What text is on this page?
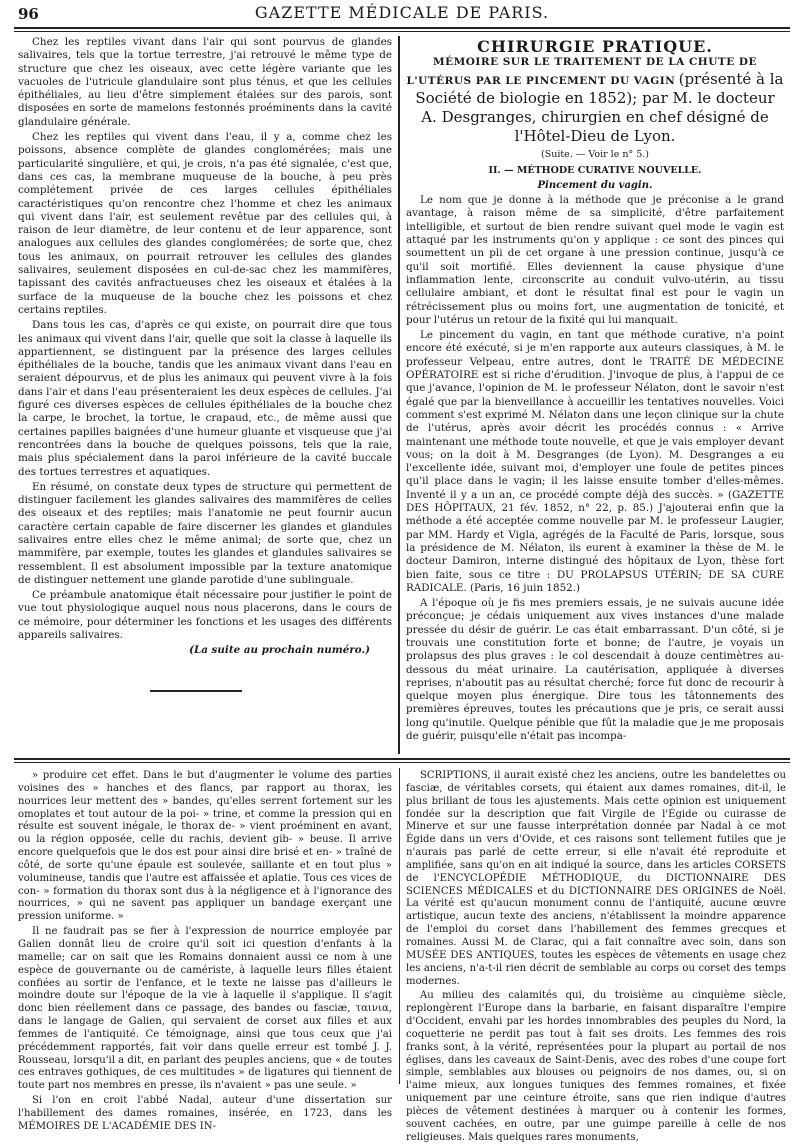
96	GAZETTE MÉDICALE DE PARIS.

Chez les reptiles vivant dans l'air qui sont pourvus de glandes salivaires, tels que la tortue terrestre, j'ai retrouvé le même type de structure que chez les oiseaux, avec cette légère variante que les vacuoles de l'utricule glandulaire sont plus ténus, et que les cellules épithéliales, au lieu d'être simplement étalées sur des parois, sont disposées en sorte de mamelons festonnés proéminents dans la cavité glandulaire générale.

Chez les reptiles qui vivent dans l'eau, il y a, comme chez les poissons, absence complète de glandes conglomérées; mais une particularité singulière, et qui, je crois, n'a pas été signalée, c'est que, dans ces cas, la membrane muqueuse de la bouche, à peu près complétement privée de ces larges cellules épithéliales caractéristiques qu'on rencontre chez l'homme et chez les animaux qui vivent dans l'air, est seulement revêtue par des cellules qui, à raison de leur diamètre, de leur contenu et de leur apparence, sont analogues aux cellules des glandes conglomérées; de sorte que, chez tous les animaux, on pourrait retrouver les cellules des glandes salivaires, seulement disposées en cul-de-sac chez les mammifères, tapissant des cavités anfractueuses chez les oiseaux et étalées à la surface de la muqueuse de la bouche chez les poissons et chez certains reptiles.

Dans tous les cas, d'après ce qui existe, on pourrait dire que tous les animaux qui vivent dans l'air, quelle que soit la classe à laquelle ils appartiennent, se distinguent par la présence des larges cellules épithéliales de la bouche, tandis que les animaux vivant dans l'eau en seraient dépourvus, et de plus les animaux qui peuvent vivre à la fois dans l'air et dans l'eau présenteraient les deux espèces de cellules. J'ai figuré ces diverses espèces de cellules épithéliales de la bouche chez la carpe, le brochet, la tortue, le crapaud, etc., de même aussi que certaines papilles baignées d'une humeur gluante et visqueuse que j'ai rencontrées dans la bouche de quelques poissons, tels que la raie, mais plus spécialement dans la paroi inférieure de la cavité buccale des tortues terrestres et aquatiques.

En résumé, on constate deux types de structure qui permettent de distinguer facilement les glandes salivaires des mammifères de celles des oiseaux et des reptiles; mais l'anatomie ne peut fournir aucun caractère certain capable de faire discerner les glandes et glandules salivaires entre elles chez le même animal; de sorte que, chez un mammifère, par exemple, toutes les glandes et glandules salivaires se ressemblent. Il est absolument impossible par la texture anatomique de distinguer nettement une glande parotide d'une sublinguale.

Ce préambule anatomique était nécessaire pour justifier le point de vue tout physiologique auquel nous nous placerons, dans le cours de ce mémoire, pour déterminer les fonctions et les usages des différents appareils salivaires.

(La suite au prochain numéro.)

CHIRURGIE PRATIQUE.

MÉMOIRE SUR LE TRAITEMENT DE LA CHUTE DE L'UTÉRUS PAR LE PINCEMENT DU VAGIN (présenté à la Société de biologie en 1852); par M. le docteur A. Desgranges, chirurgien en chef désigné de l'Hôtel-Dieu de Lyon.

(Suite. — Voir le n° 5.)

II. — MÉTHODE CURATIVE NOUVELLE.

Pincement du vagin.

Le nom que je donne à la méthode que je préconise a le grand avantage, à raison même de sa simplicité, d'être parfaitement intelligible, et surtout de bien rendre suivant quel mode le vagin est attaqué par les instruments qu'on y applique : ce sont des pinces qui soumettent un pli de cet organe à une pression continue, jusqu'à ce qu'il soit mortifié. Elles deviennent la cause physique d'une inflammation lente, circonscrite au conduit vulvo-utérin, au tissu cellulaire ambiant, et dont le résultat final est pour le vagin un rétrécissement plus ou moins fort, une augmentation de tonicité, et pour l'utérus un retour de la fixité qui lui manquait.

Le pincement du vagin, en tant que méthode curative, n'a point encore été exécuté, si je m'en rapporte aux auteurs classiques, à M. le professeur Velpeau, entre autres, dont le TRAITÉ DE MÉDECINE OPÉRATOIRE est si riche d'érudition. J'invoque de plus, à l'appui de ce que j'avance, l'opinion de M. le professeur Nélaton, dont le savoir n'est égalé que par la bienveillance à accueillir les tentatives nouvelles. Voici comment s'est exprimé M. Nélaton dans une leçon clinique sur la chute de l'utérus, après avoir décrit les procédés connus : « Arrive maintenant une méthode toute nouvelle, et que je vais employer devant vous; on la doit à M. Desgranges (de Lyon). M. Desgranges a eu l'excellente idée, suivant moi, d'employer une foule de petites pinces qu'il place dans le vagin; il les laisse ensuite tomber d'elles-mêmes. Inventé il y a un an, ce procédé compte déjà des succès. » (GAZETTE DES HÔPITAUX, 21 fév. 1852, n° 22, p. 85.) J'ajouterai enfin que la méthode a été acceptée comme nouvelle par M. le professeur Laugier, par MM. Hardy et Vigla, agrégés de la Faculté de Paris, lorsque, sous la présidence de M. Nélaton, ils eurent à examiner la thèse de M. le docteur Damiron, interne distingué des hôpitaux de Lyon, thèse fort bien faite, sous ce titre : DU PROLAPSUS UTÉRIN; DE SA CURE RADICALE. (Paris, 16 juin 1852.)

A l'époque où je fis mes premiers essais, je ne suivais aucune idée préconçue; je cédais uniquement aux vives instances d'une malade pressée du désir de guérir. Le cas était embarrassant. D'un côté, si je trouvais une constitution forte et bonne; de l'autre, je voyais un prolapsus des plus graves : le col descendait à douze centimètres au-dessous du méat urinaire. La cautérisation, appliquée à diverses reprises, n'aboutit pas au résultat cherché; force fut donc de recourir à quelque moyen plus énergique. Dire tous les tâtonnements des premières épreuves, toutes les précautions que je pris, ce serait aussi long qu'inutile. Quelque pénible que fût la maladie que je me proposais de guérir, puisqu'elle n'était pas incompa-

» produire cet effet. Dans le but d'augmenter le volume des parties voisines des » hanches et des flancs, par rapport au thorax, les nourrices leur mettent des » bandes, qu'elles serrent fortement sur les omoplates et tout autour de la poi- » trine, et comme la pression qui en résulte est souvent inégale, le thorax de- » vient proéminent en avant, ou la région opposée, celle du rachis, devient gib- » beuse. Il arrive encore quelquefois que le dos est pour ainsi dire brisé et en- » traîné de côté, de sorte qu'une épaule est soulevée, saillante et en tout plus » volumineuse, tandis que l'autre est affaissée et aplatie. Tous ces vices de con- » formation du thorax sont dus à la négligence et à l'ignorance des nourrices, » qui ne savent pas appliquer un bandage exerçant une pression uniforme. »

Il ne faudrait pas se fier à l'expression de nourrice employée par Galien donnât lieu de croire qu'il soit ici question d'enfants à la mamelle; car on sait que les Romains donnaient aussi ce nom à une espèce de gouvernante ou de camériste, à laquelle leurs filles étaient confiées au sortir de l'enfance, et le texte ne laisse pas d'ailleurs le moindre doute sur l'époque de la vie à laquelle il s'applique. Il s'agit donc bien réellement dans ce passage, des bandes ou fasciæ, ταινια, dans le langage de Galien, qui servaient de corset aux filles et aux femmes de l'antiquité. Ce témoignage, ainsi que tous ceux que j'ai précédemment rapportés, fait voir dans quelle erreur est tombé J. J. Rousseau, lorsqu'il a dit, en parlant des peuples anciens, que « de toutes ces entraves gothiques, de ces multitudes » de ligatures qui tiennent de toute part nos membres en presse, ils n'avaient » pas une seule. »

Si l'on en croit l'abbé Nadal, auteur d'une dissertation sur l'habillement des dames romaines, insérée, en 1723, dans les MÉMOIRES DE L'ACADÉMIE DES IN-

SCRIPTIONS, il aurait existé chez les anciens, outre les bandelettes ou fasciæ, de véritables corsets, qui étaient aux dames romaines, dit-il, le plus brillant de tous les ajustements. Mais cette opinion est uniquement fondée sur la description que fait Virgile de l'Égide ou cuirasse de Minerve et sur une fausse interprétation donnée par Nadal à ce mot Égide dans un vers d'Ovide, et ces raisons sont tellement futiles que je n'aurais pas parlé de cette erreur, si elle n'avait été reproduite et amplifiée, sans qu'on en ait indiqué la source, dans les articles CORSETS de l'ENCYCLOPÉDIE MÉTHODIQUE, du DICTIONNAIRE DES SCIENCES MÉDICALES et du DICTIONNAIRE DES ORIGINES de Noël. La vérité est qu'aucun monument connu de l'antiquité, aucune œuvre artistique, aucun texte des anciens, n'établissent la moindre apparence de l'emploi du corset dans l'habillement des femmes grecques et romaines. Aussi M. de Clarac, qui a fait connaître avec soin, dans son MUSÉE DES ANTIQUES, toutes les espèces de vêtements en usage chez les anciens, n'a-t-il rien décrit de semblable au corps ou corset des temps modernes.

Au milieu des calamités qui, du troisième au cinquième siècle, replongèrent l'Europe dans la barbarie, en faisant disparaître l'empire d'Occident, envahi par les hordes innombrables des peuples du Nord, la coquetterie ne perdit pas tout à fait ses droits. Les femmes des rois franks sont, à la vérité, représentées pour la plupart au portail de nos églises, dans les caveaux de Saint-Denis, avec des robes d'une coupe fort simple, semblables aux blouses ou peignoirs de nos dames, ou, si on l'aime mieux, aux longues tuniques des femmes romaines, et fixée uniquement par une ceinture étroite, sans que rien indique d'autres pièces de vêtement destinées à marquer ou à contenir les formes, souvent cachées, en outre, par une guimpe pareille à celle de nos religieuses. Mais quelques rares monuments,
